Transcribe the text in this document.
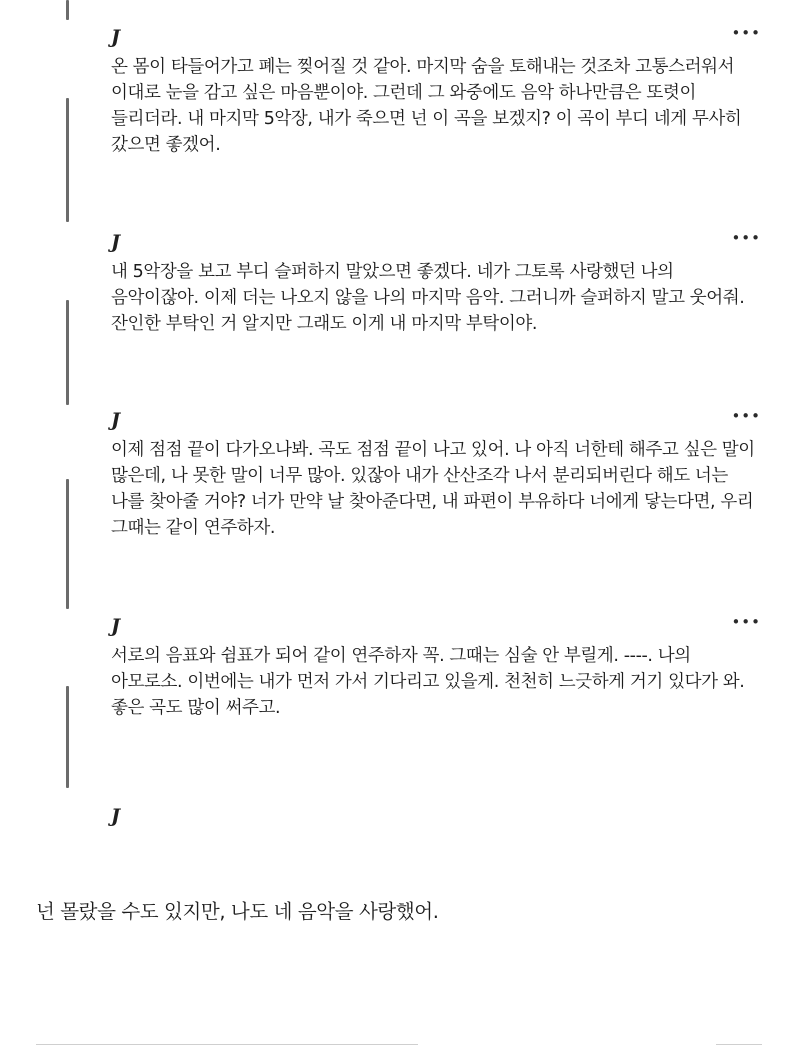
J	•••

온 몸이 타들어가고 폐는 찢어질 것 같아. 마지막 숨을 토해내는 것조차 고통스러워서 이대로 눈을 감고 싶은 마음뿐이야. 그런데 그 와중에도 음악 하나만큼은 또렷이 들리더라. 내 마지막 5악장, 내가 죽으면 넌 이 곡을 보겠지? 이 곡이 부디 네게 무사히 갔으면 좋겠어.

J	•••

내 5악장을 보고 부디 슬퍼하지 말았으면 좋겠다. 네가 그토록 사랑했던 나의 음악이잖아. 이제 더는 나오지 않을 나의 마지막 음악. 그러니까 슬퍼하지 말고 웃어줘. 잔인한 부탁인 거 알지만 그래도 이게 내 마지막 부탁이야.

J	•••

이제 점점 끝이 다가오나봐. 곡도 점점 끝이 나고 있어. 나 아직 너한테 해주고 싶은 말이 많은데, 나 못한 말이 너무 많아. 있잖아 내가 산산조각 나서 분리되버린다 해도 너는 나를 찾아줄 거야? 너가 만약 날 찾아준다면, 내 파편이 부유하다 너에게 닿는다면, 우리 그때는 같이 연주하자.

J	•••

서로의 음표와 쉼표가 되어 같이 연주하자 꼭. 그때는 심술 안 부릴게. ----. 나의 아모로소. 이번에는 내가 먼저 가서 기다리고 있을게. 천천히 느긋하게 거기 있다가 와. 좋은 곡도 많이 써주고.

J
넌 몰랐을 수도 있지만, 나도 네 음악을 사랑했어.
